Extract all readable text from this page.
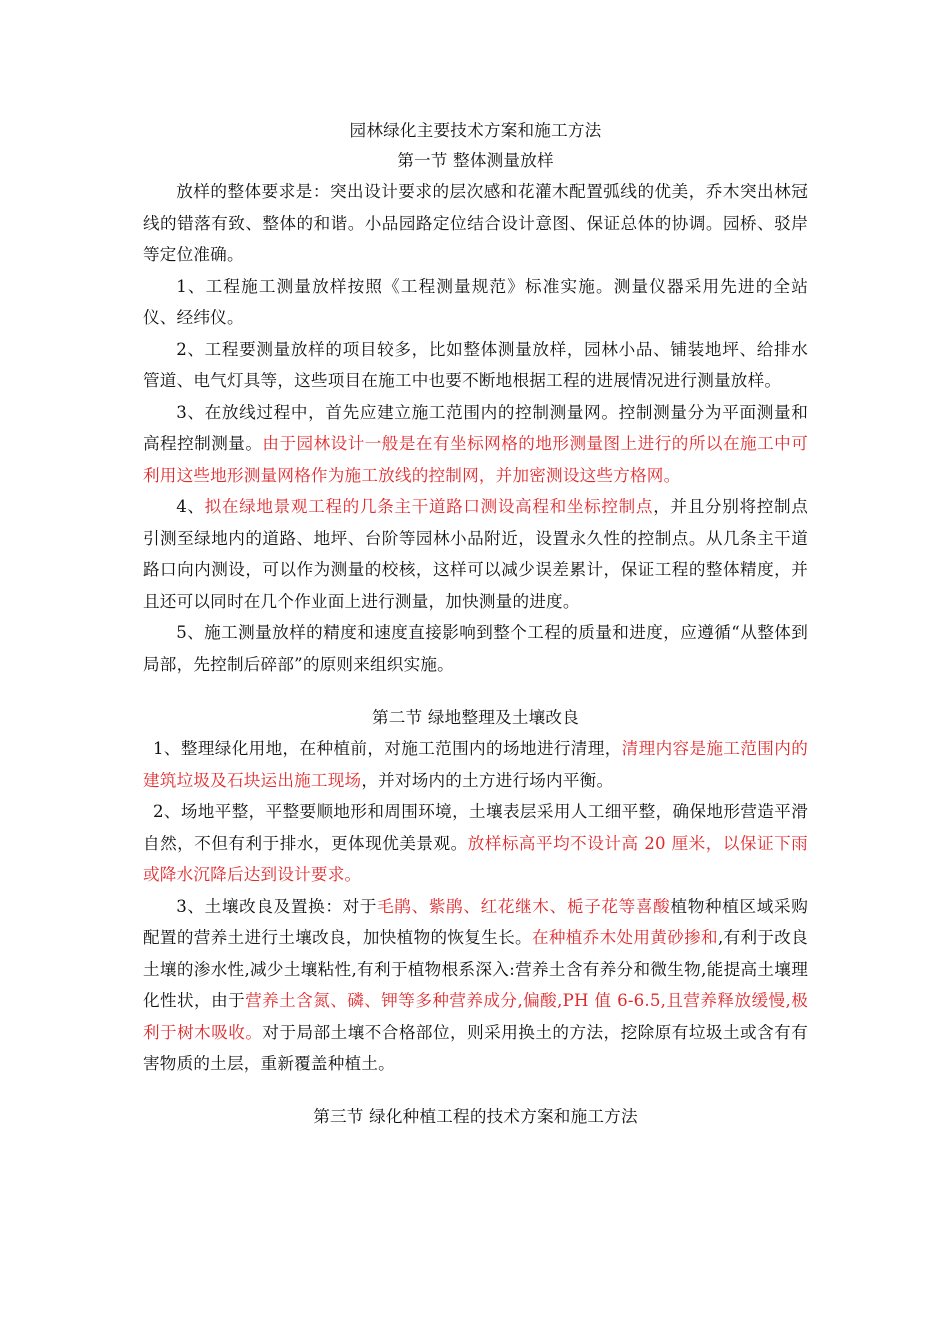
园林绿化主要技术方案和施工方法
第一节 整体测量放样

放样的整体要求是：突出设计要求的层次感和花灌木配置弧线的优美，乔木突出林冠线的错落有致、整体的和谐。小品园路定位结合设计意图、保证总体的协调。园桥、驳岸等定位准确。

1、工程施工测量放样按照《工程测量规范》标准实施。测量仪器采用先进的全站仪、经纬仪。

2、工程要测量放样的项目较多，比如整体测量放样，园林小品、铺装地坪、给排水管道、电气灯具等，这些项目在施工中也要不断地根据工程的进展情况进行测量放样。

3、在放线过程中，首先应建立施工范围内的控制测量网。控制测量分为平面测量和高程控制测量。由于园林设计一般是在有坐标网格的地形测量图上进行的所以在施工中可利用这些地形测量网格作为施工放线的控制网，并加密测设这些方格网。

4、拟在绿地景观工程的几条主干道路口测设高程和坐标控制点，并且分别将控制点引测至绿地内的道路、地坪、台阶等园林小品附近，设置永久性的控制点。从几条主干道路口向内测设，可以作为测量的校核，这样可以减少误差累计，保证工程的整体精度，并且还可以同时在几个作业面上进行测量，加快测量的进度。

5、施工测量放样的精度和速度直接影响到整个工程的质量和进度，应遵循“从整体到局部，先控制后碎部”的原则来组织实施。

第二节 绿地整理及土壤改良

1、整理绿化用地，在种植前，对施工范围内的场地进行清理，清理内容是施工范围内的建筑垃圾及石块运出施工现场，并对场内的土方进行场内平衡。

2、场地平整，平整要顺地形和周围环境，土壤表层采用人工细平整，确保地形营造平滑自然，不但有利于排水，更体现优美景观。放样标高平均不设计高 20 厘米，以保证下雨或降水沉降后达到设计要求。

3、土壤改良及置换：对于毛鹃、紫鹃、红花继木、栀子花等喜酸植物种植区域采购配置的营养土进行土壤改良，加快植物的恢复生长。在种植乔木处用黄砂掺和,有利于改良土壤的渗水性,减少土壤粘性,有利于植物根系深入:营养土含有养分和微生物,能提高土壤理化性状，由于营养土含氮、磷、钾等多种营养成分,偏酸,PH 值 6-6.5,且营养释放缓慢,极利于树木吸收。对于局部土壤不合格部位，则采用换土的方法，挖除原有垃圾土或含有有害物质的土层，重新覆盖种植土。

第三节 绿化种植工程的技术方案和施工方法
